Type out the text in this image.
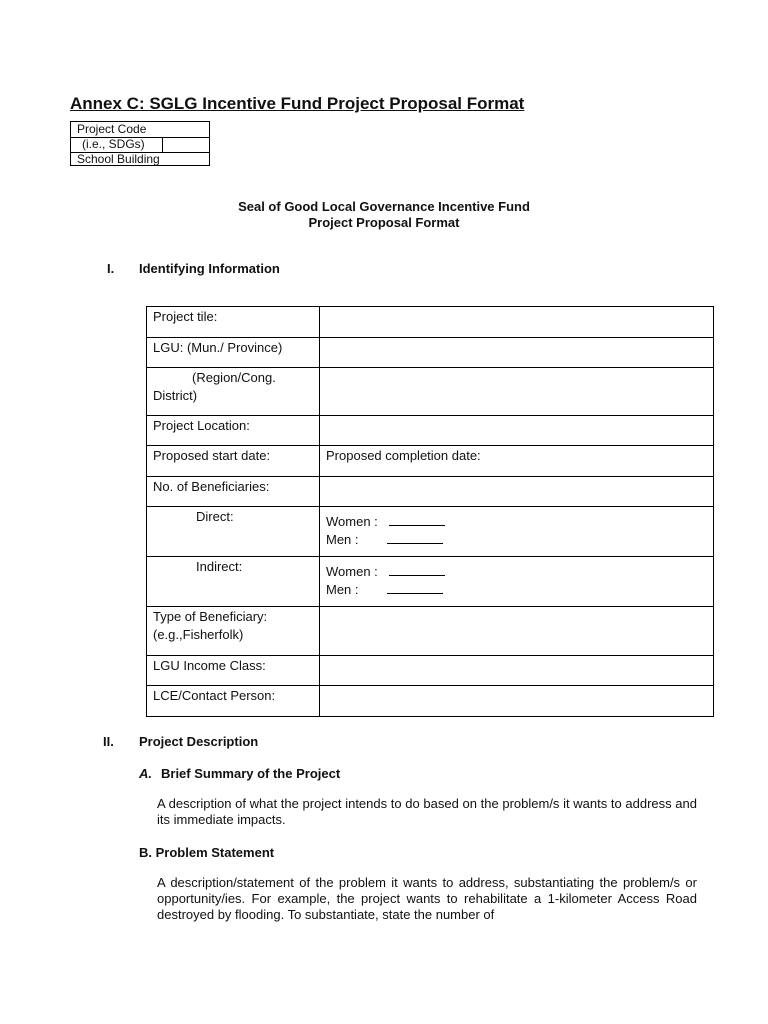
Annex C: SGLG Incentive Fund Project Proposal Format
Project Code
(i.e., SDGs)
School Building
Seal of Good Local Governance Incentive Fund
Project Proposal Format
I. Identifying Information
Project tile:	
LGU: (Mun./ Province)	

(Region/Cong.
District)	

Project Location:	
Proposed start date:	Proposed completion date:
No. of Beneficiaries:	
Direct:	Women :
Men :

Indirect:	Women :
Men :

Type of Beneficiary:
(e.g.,Fisherfolk)	

LGU Income Class:	
LCE/Contact Person:	
II. Project Description
A. Brief Summary of the Project
A description of what the project intends to do based on the problem/s it wants to address and its immediate impacts.
B. Problem Statement
A description/statement of the problem it wants to address, substantiating the problem/s or opportunity/ies. For example, the project wants to rehabilitate a 1-kilometer Access Road destroyed by flooding. To substantiate, state the number of
